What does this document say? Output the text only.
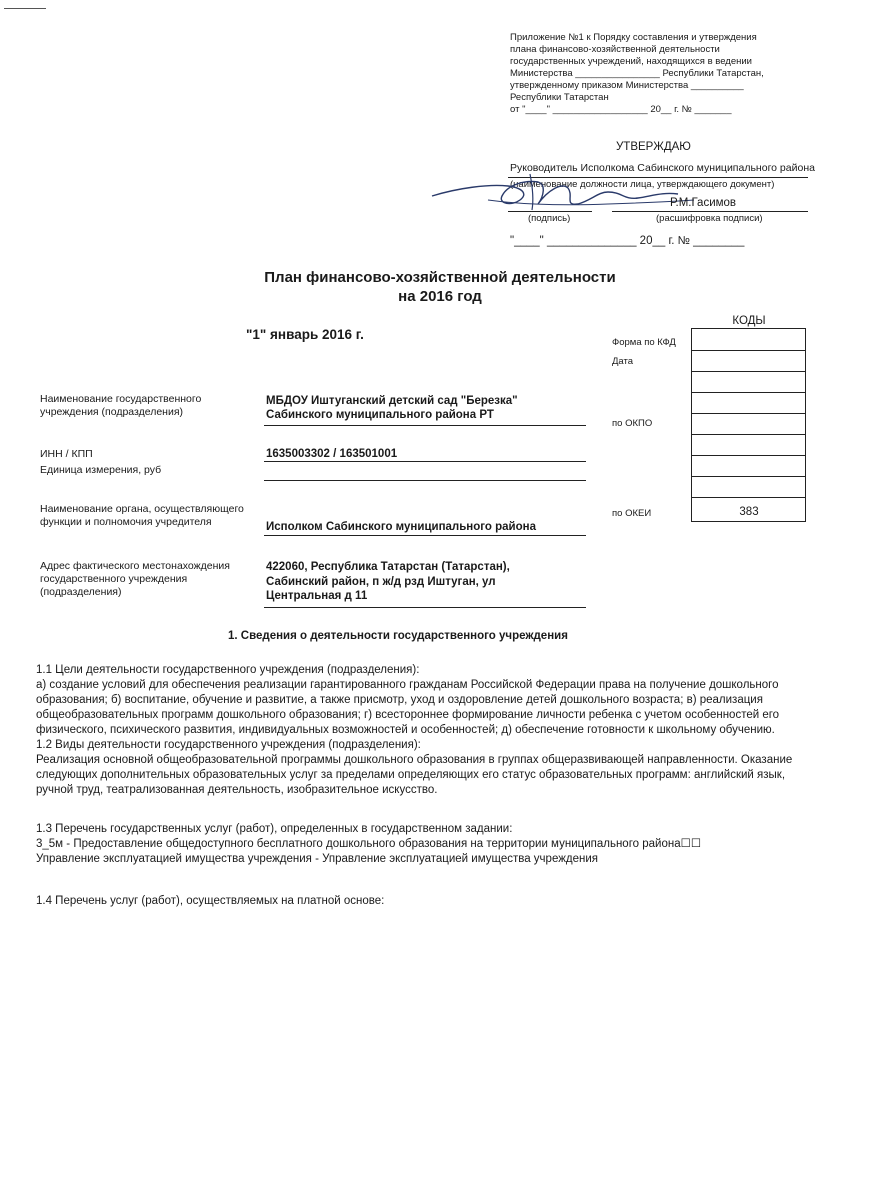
Приложение №1 к Порядку составления и утверждения
плана финансово-хозяйственной деятельности
государственных учреждений, находящихся в ведении
Министерства ________________ Республики Татарстан,
утвержденному приказом Министерства __________
Республики Татарстан
от "____" __________________ 20__ г. № _______
УТВЕРЖДАЮ
Руководитель Исполкома Сабинского муниципального района
(наименование должности лица, утверждающего документ)
Р.М.Гасимов
(подпись)	(расшифровка подписи)
"____" ______________ 20__ г. № ________
План финансово-хозяйственной деятельности
на 2016 год
"1" январь 2016 г.
КОДЫ
Форма по КФД
Дата
по ОКПО
по ОКЕИ	383
Наименование государственного
учреждения (подразделения)
МБДОУ Иштуганский детский сад "Березка"
Сабинского муниципального района РТ
ИНН / КПП	1635003302 / 163501001
Единица измерения, руб
Наименование органа, осуществляющего
функции и полномочия учредителя	Исполком Сабинского муниципального района
Адрес фактического местонахождения
государственного учреждения
(подразделения)
422060, Республика Татарстан (Татарстан),
Сабинский район, п ж/д рзд Иштуган, ул
Центральная д 11
1. Сведения о деятельности государственного учреждения

1.1 Цели деятельности государственного учреждения (подразделения):

а) создание условий для обеспечения реализации гарантированного гражданам Российской Федерации права на получение дошкольного

образования; б) воспитание, обучение и развитие, а также присмотр, уход и оздоровление детей дошкольного возраста; в) реализация

общеобразовательных программ дошкольного образования; г) всестороннее формирование личности ребенка с учетом особенностей его

физического, психического развития, индивидуальных возможностей и особенностей; д) обеспечение готовности к школьному обучению.

1.2 Виды деятельности государственного учреждения (подразделения):

Реализация основной общеобразовательной программы дошкольного образования в группах общеразвивающей направленности. Оказание

следующих дополнительных образовательных услуг за пределами определяющих его статус образовательных программ: английский язык,

ручной труд, театрализованная деятельность, изобразительное искусство.

1.3 Перечень государственных услуг (работ), определенных в государственном задании:

3_5м - Предоставление общедоступного бесплатного дошкольного образования на территории муниципального района☐☐

Управление эксплуатацией имущества учреждения - Управление эксплуатацией имущества учреждения

1.4 Перечень услуг (работ), осуществляемых на платной основе:
